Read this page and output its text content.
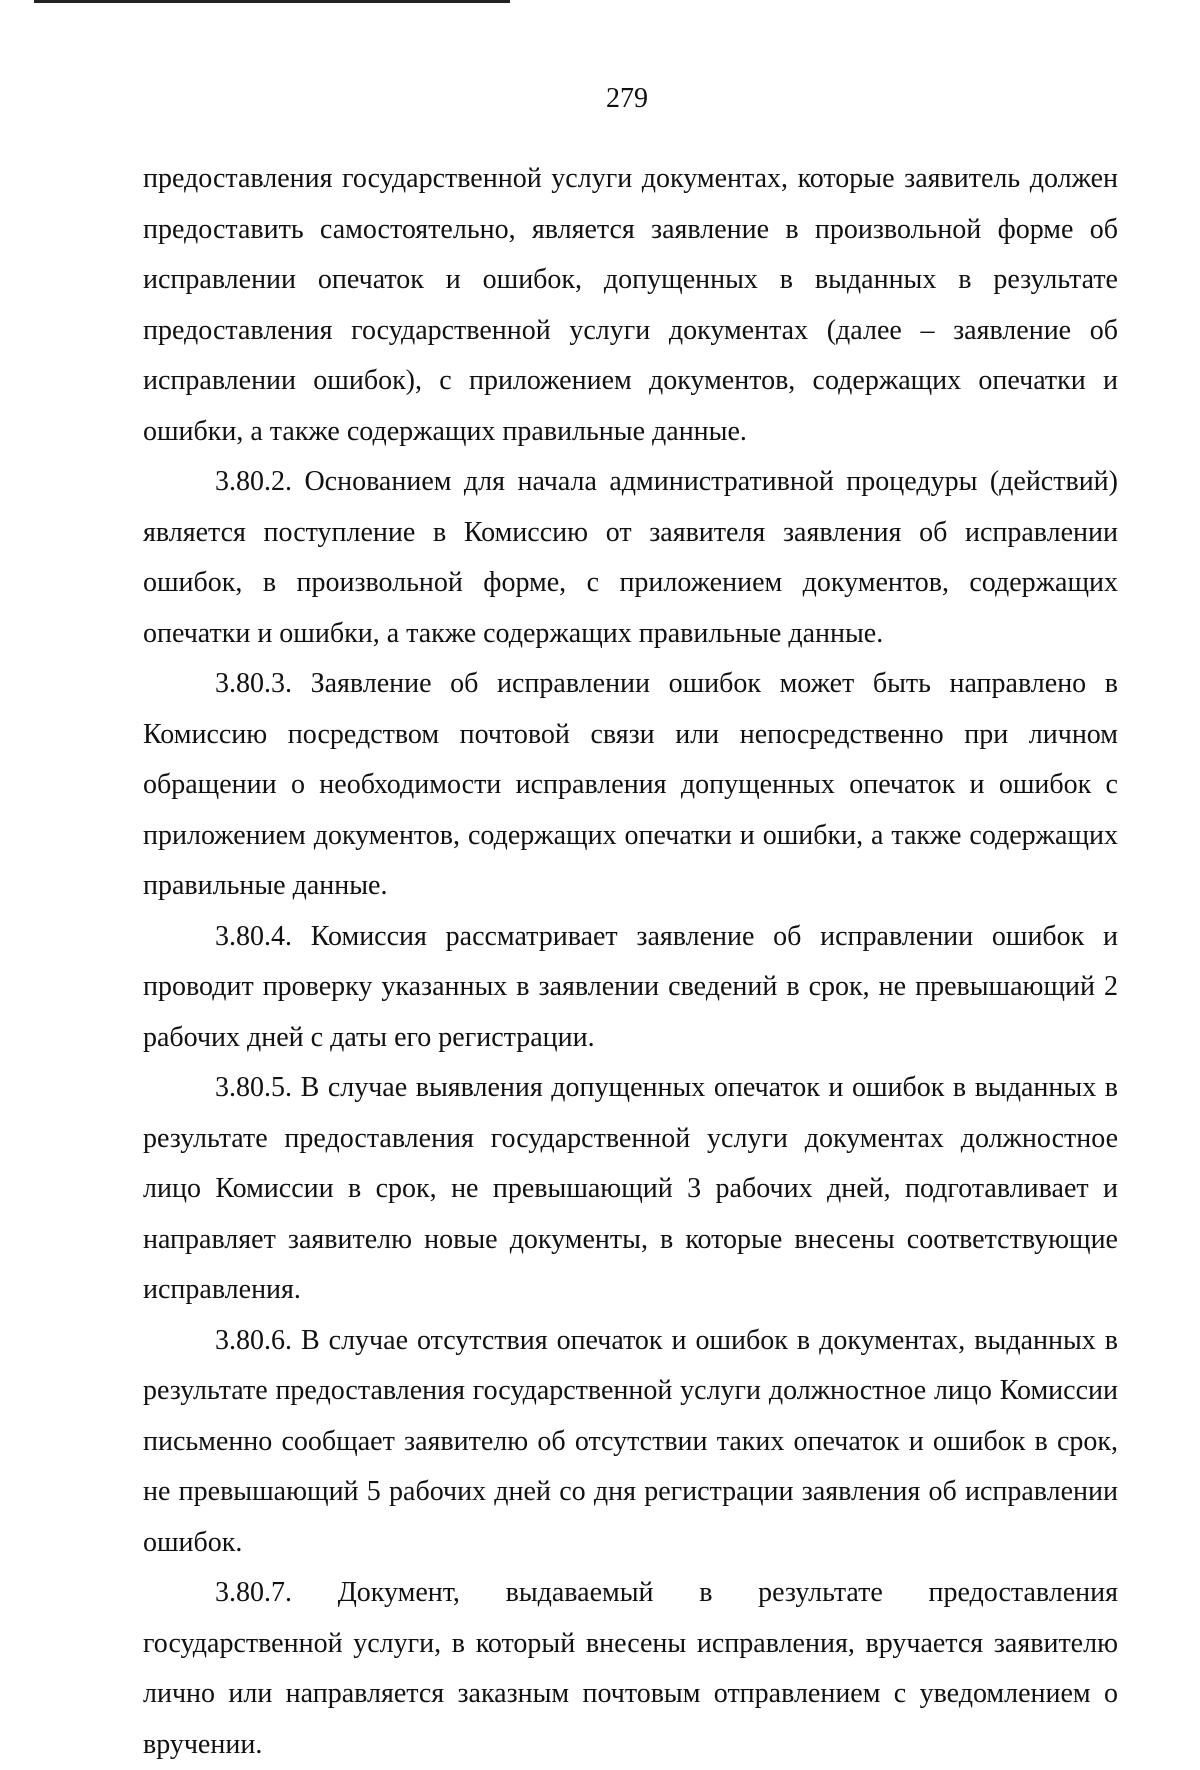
279

предоставления государственной услуги документах, которые заявитель должен предоставить самостоятельно, является заявление в произвольной форме об исправлении опечаток и ошибок, допущенных в выданных в результате предоставления государственной услуги документах (далее – заявление об исправлении ошибок), с приложением документов, содержащих опечатки и ошибки, а также содержащих правильные данные.

3.80.2. Основанием для начала административной процедуры (действий) является поступление в Комиссию от заявителя заявления об исправлении ошибок, в произвольной форме, с приложением документов, содержащих опечатки и ошибки, а также содержащих правильные данные.

3.80.3. Заявление об исправлении ошибок может быть направлено в Комиссию посредством почтовой связи или непосредственно при личном обращении о необходимости исправления допущенных опечаток и ошибок с приложением документов, содержащих опечатки и ошибки, а также содержащих правильные данные.

3.80.4. Комиссия рассматривает заявление об исправлении ошибок и проводит проверку указанных в заявлении сведений в срок, не превышающий 2 рабочих дней с даты его регистрации.

3.80.5. В случае выявления допущенных опечаток и ошибок в выданных в результате предоставления государственной услуги документах должностное лицо Комиссии в срок, не превышающий 3 рабочих дней, подготавливает и направляет заявителю новые документы, в которые внесены соответствующие исправления.

3.80.6. В случае отсутствия опечаток и ошибок в документах, выданных в результате предоставления государственной услуги должностное лицо Комиссии письменно сообщает заявителю об отсутствии таких опечаток и ошибок в срок, не превышающий 5 рабочих дней со дня регистрации заявления об исправлении ошибок.

3.80.7. Документ, выдаваемый в результате предоставления государственной услуги, в который внесены исправления, вручается заявителю лично или направляется заказным почтовым отправлением с уведомлением о вручении.
